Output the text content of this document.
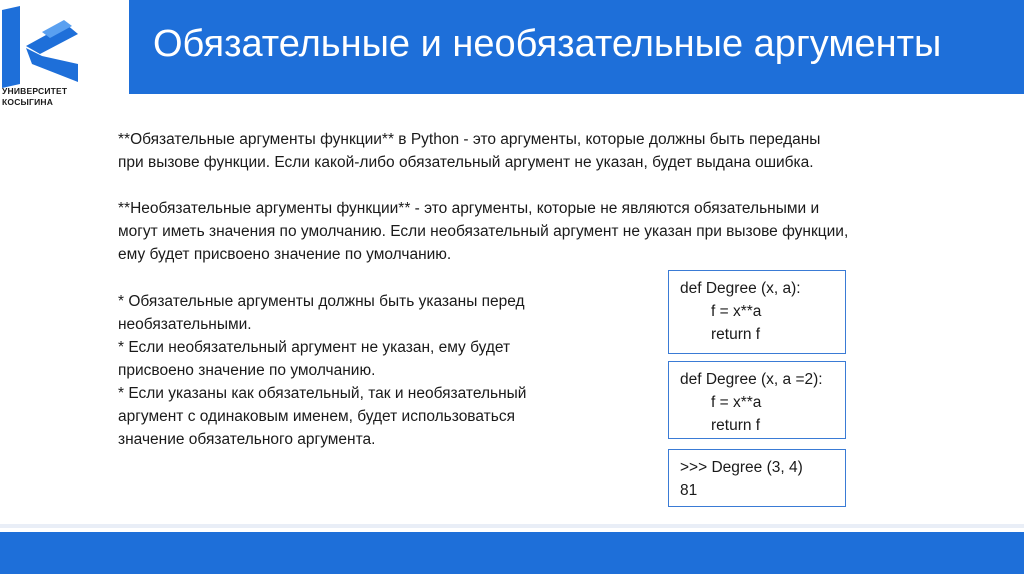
УНИВЕРСИТЕТ
КОСЫГИНА
Обязательные и необязательные аргументы
**Обязательные аргументы функции** в Python - это аргументы, которые должны быть переданы
при вызове функции. Если какой-либо обязательный аргумент не указан, будет выдана ошибка.
**Необязательные аргументы функции** - это аргументы, которые не являются обязательными и
могут иметь значения по умолчанию. Если необязательный аргумент не указан при вызове функции,
ему будет присвоено значение по умолчанию.
* Обязательные аргументы должны быть указаны перед
необязательными.
* Если необязательный аргумент не указан, ему будет
присвоено значение по умолчанию.
* Если указаны как обязательный, так и необязательный
аргумент с одинаковым именем, будет использоваться
значение обязательного аргумента.
def Degree (x, a):
f = x**a
return f
def Degree (x, a =2):
f = x**a
return f
>>> Degree (3, 4)
81
